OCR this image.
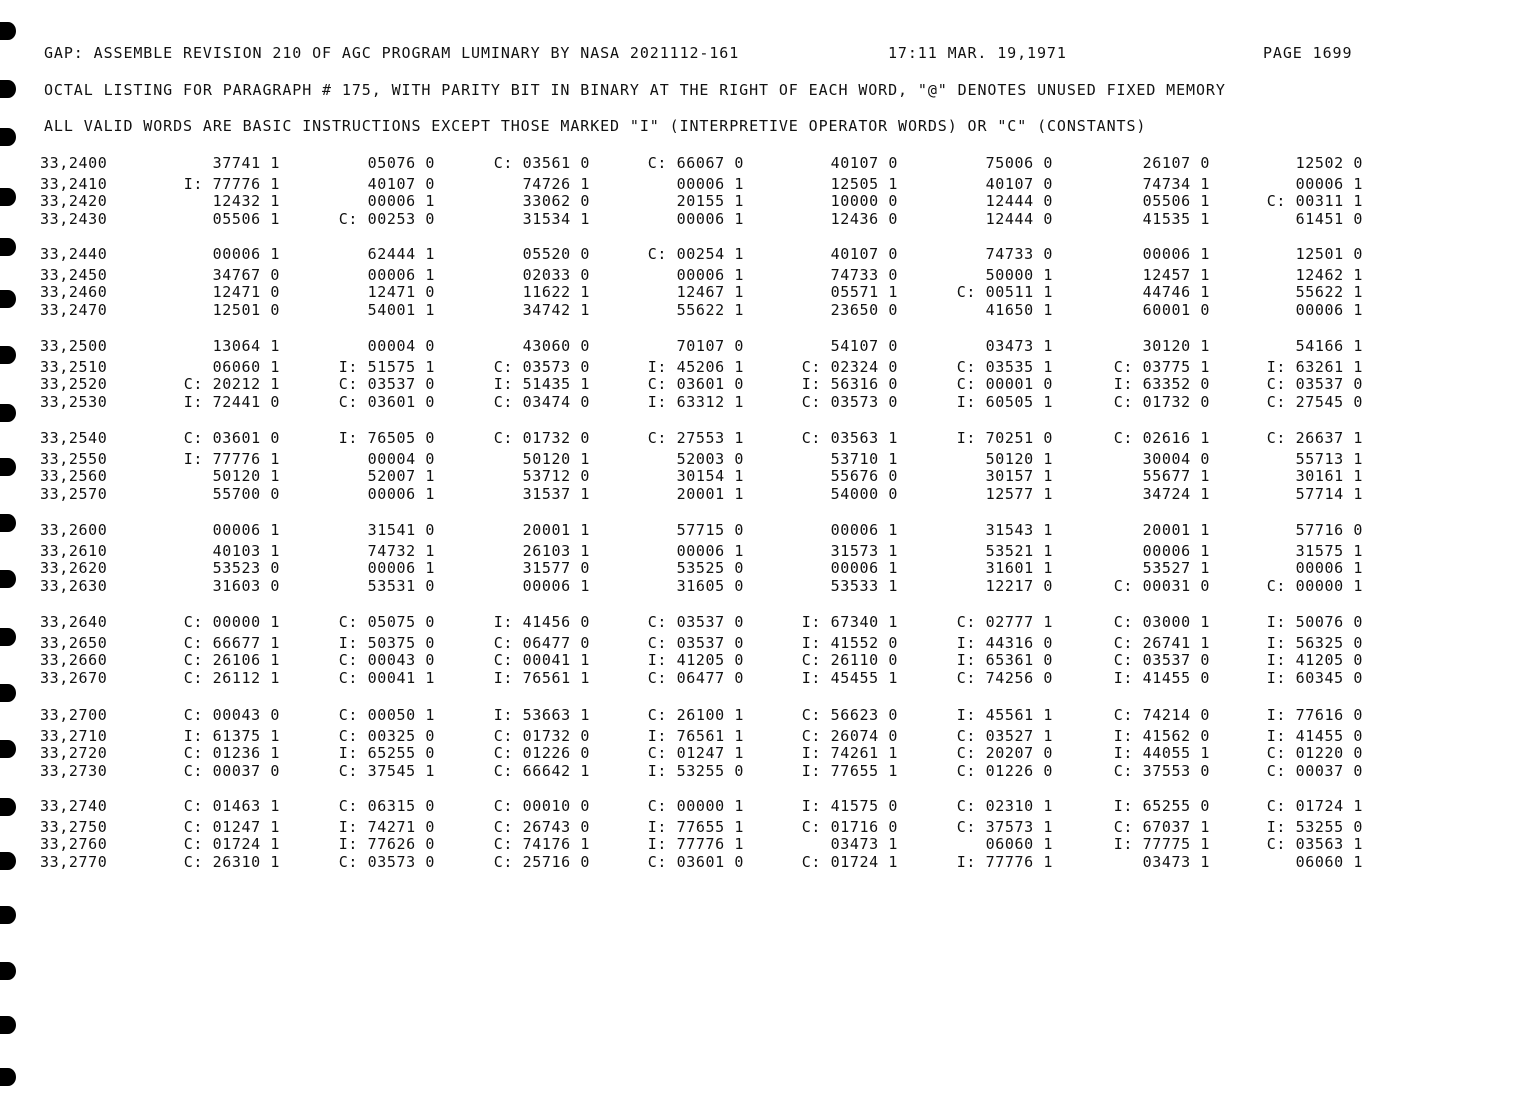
GAP: ASSEMBLE REVISION 210 OF AGC PROGRAM LUMINARY BY NASA 2021112-161	17:11 MAR. 19,1971	PAGE 1699
OCTAL LISTING FOR PARAGRAPH # 175, WITH PARITY BIT IN BINARY AT THE RIGHT OF EACH WORD, "@" DENOTES UNUSED FIXED MEMORY
ALL VALID WORDS ARE BASIC INSTRUCTIONS EXCEPT THOSE MARKED "I" (INTERPRETIVE OPERATOR WORDS) OR "C" (CONSTANTS)
33,2400	37741 1	05076 0	C: 03561 0	C: 66067 0	40107 0	75006 0	26107 0	12502 0
33,2410	I: 77776 1	40107 0	74726 1	00006 1	12505 1	40107 0	74734 1	00006 1
33,2420	12432 1	00006 1	33062 0	20155 1	10000 0	12444 0	05506 1	C: 00311 1
33,2430	05506 1	C: 00253 0	31534 1	00006 1	12436 0	12444 0	41535 1	61451 0
33,2440	00006 1	62444 1	05520 0	C: 00254 1	40107 0	74733 0	00006 1	12501 0
33,2450	34767 0	00006 1	02033 0	00006 1	74733 0	50000 1	12457 1	12462 1
33,2460	12471 0	12471 0	11622 1	12467 1	05571 1	C: 00511 1	44746 1	55622 1
33,2470	12501 0	54001 1	34742 1	55622 1	23650 0	41650 1	60001 0	00006 1
33,2500	13064 1	00004 0	43060 0	70107 0	54107 0	03473 1	30120 1	54166 1
33,2510	06060 1	I: 51575 1	C: 03573 0	I: 45206 1	C: 02324 0	C: 03535 1	C: 03775 1	I: 63261 1
33,2520	C: 20212 1	C: 03537 0	I: 51435 1	C: 03601 0	I: 56316 0	C: 00001 0	I: 63352 0	C: 03537 0
33,2530	I: 72441 0	C: 03601 0	C: 03474 0	I: 63312 1	C: 03573 0	I: 60505 1	C: 01732 0	C: 27545 0
33,2540	C: 03601 0	I: 76505 0	C: 01732 0	C: 27553 1	C: 03563 1	I: 70251 0	C: 02616 1	C: 26637 1
33,2550	I: 77776 1	00004 0	50120 1	52003 0	53710 1	50120 1	30004 0	55713 1
33,2560	50120 1	52007 1	53712 0	30154 1	55676 0	30157 1	55677 1	30161 1
33,2570	55700 0	00006 1	31537 1	20001 1	54000 0	12577 1	34724 1	57714 1
33,2600	00006 1	31541 0	20001 1	57715 0	00006 1	31543 1	20001 1	57716 0
33,2610	40103 1	74732 1	26103 1	00006 1	31573 1	53521 1	00006 1	31575 1
33,2620	53523 0	00006 1	31577 0	53525 0	00006 1	31601 1	53527 1	00006 1
33,2630	31603 0	53531 0	00006 1	31605 0	53533 1	12217 0	C: 00031 0	C: 00000 1
33,2640	C: 00000 1	C: 05075 0	I: 41456 0	C: 03537 0	I: 67340 1	C: 02777 1	C: 03000 1	I: 50076 0
33,2650	C: 66677 1	I: 50375 0	C: 06477 0	C: 03537 0	I: 41552 0	I: 44316 0	C: 26741 1	I: 56325 0
33,2660	C: 26106 1	C: 00043 0	C: 00041 1	I: 41205 0	C: 26110 0	I: 65361 0	C: 03537 0	I: 41205 0
33,2670	C: 26112 1	C: 00041 1	I: 76561 1	C: 06477 0	I: 45455 1	C: 74256 0	I: 41455 0	I: 60345 0
33,2700	C: 00043 0	C: 00050 1	I: 53663 1	C: 26100 1	C: 56623 0	I: 45561 1	C: 74214 0	I: 77616 0
33,2710	I: 61375 1	C: 00325 0	C: 01732 0	I: 76561 1	C: 26074 0	C: 03527 1	I: 41562 0	I: 41455 0
33,2720	C: 01236 1	I: 65255 0	C: 01226 0	C: 01247 1	I: 74261 1	C: 20207 0	I: 44055 1	C: 01220 0
33,2730	C: 00037 0	C: 37545 1	C: 66642 1	I: 53255 0	I: 77655 1	C: 01226 0	C: 37553 0	C: 00037 0
33,2740	C: 01463 1	C: 06315 0	C: 00010 0	C: 00000 1	I: 41575 0	C: 02310 1	I: 65255 0	C: 01724 1
33,2750	C: 01247 1	I: 74271 0	C: 26743 0	I: 77655 1	C: 01716 0	C: 37573 1	C: 67037 1	I: 53255 0
33,2760	C: 01724 1	I: 77626 0	C: 74176 1	I: 77776 1	03473 1	06060 1	I: 77775 1	C: 03563 1
33,2770	C: 26310 1	C: 03573 0	C: 25716 0	C: 03601 0	C: 01724 1	I: 77776 1	03473 1	06060 1
